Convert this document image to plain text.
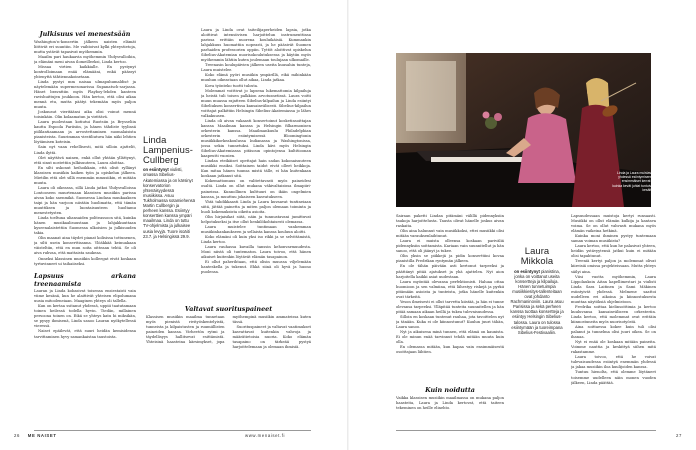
Julkisuus vei menestsään

Washington’n-konsertin jälkeen naisten elämät liittivät eri suuntiin. Me vaihtoivat kylki yhteystietoja, mutta ystävät tapasivat myöhemmin.

Maailm pari haukaavia myöhemmin Yhdysvalloihin, ja elämäni meni aivan ilomeilleeksi, Linda kertoo.

Missaa virtien kaikkialle. En pystynyt kontrolloimaan enää elämääni, enkä päässyt yhtenyttä tähtiennakoinetaan.

Linda pystyi mm naisaa ulmapuhumaldisé ja näytelemään supermesonarissa Supanatsch-sarjassa. Hänet bravattiin myös Playboy-lehden kanteen ravishuittujen joukkoon. Hän kertoo, että olisi aikaa mennä etu, mutta päätyi tekemään myös paljon muuta.

Joskuusut vieritäänsi aika olisi voinut mennä toisinkäin. Olin kolaamatun ja virittävä.

Laura puolestaan kotiutui Ruotsiin ja Brysseliin kautta Espoola Pariisiin, ja hänen tähdiste tyylinsä piililantiaamaan ja arvostettaminen suomalaisista pianisteista. Suurimman viestiliutuva hän näki lehtien löytämisen koteisin.

Sain nyt vaan rehellisesti, mitä silloin ajattelit, Linda ilyttä.

Olet näyttävä nainen, enkä ollut yhtään yllättynyt, että sinut nostettiin julkisuuteen, Laura aloittaa.

En silti uskonut heihoikkain, että olisit ryllänyt klassisen musiikin kaiken työn ja opiskelun jälkeen. Mietilin että olet sillä enemmän mmusiikin, et mitään muuta.

Laura oli oikeassa, sillä Linda jatkoi Yhdysvalloissa Lontooseen muurtenaan klassisen musiikin parissa aivan koko saenmikä. Suomessa Lindasa muukaaksen taipi ja hän varjoon niistäin huolimatta, että tämän muuttiksen ja luontaisuuteen huoltamu menestetysten.

Linda toeltuna uliansaiden politeassoon sitä, kuinka hänen musikaalisuustaan ja lahjakkuuttaan kyseenalaistettiin Suomessa ulkoisien ja julkisuuden takia.

Olin maanat aina täydet pianat kolisissa tottunenen, ja silti usein konserttisanna. Ylöäkkää keinuakaan väisteltiin, että en mun soita oitteaan tehtä. Se oli aiva ruhvaa, että mattaista saukeaa.

Onneksi klassinen musiikin kolleegat eivät koskaan tyrtuvinneet ui taihaiiseksi.

Lapsuus arkana treenaamista

Lauran ja Linda kobasivat toisensa ensiestaisti vain viime kesänä, kun he alaittivät yhteisen elipolumana uusia mitooleneiaan. Maaginen yhteys oli tallella.

Kun on kertaa ssitanut yhdessä, uppiii taatutamaan toinen heilessä todella hyvin. Tiedän, millainen persoona toinen on. Eikä se yhteys katu hi miksikän, se pysyy ihmisenä, Linda sanoo Lauran nyökytellessä vieressä.

Naiset epäilevät, että suuri heidän kemisidensa tarvittaminen hyvy samankaistaa taustoista.

Linda
Lampenius-
Cullberg
on esiintynyt viulisti, omassa Sibelius-Akatemiassa ja on kärsinyt konservatorion yhtenäisyydessä musiikissa. Asuu Tukholmassa sotamiehensä Martin Cullbergin ja perheen kanssa. Esiintyy konserttien kanssa ympäri maailmaa. Linda on tuttu TV-ohjelmista ja julkaisee uusia levyjä. Tuore isoäiti 23.7. ja Helsingissä 29.9.

Laura ja Linda ovat taiteilijaperheiden lapsia, jotka aloittivat intensiivisen harjoittelun instrumenttinsa parissa erittäin nuorena kouluikäisiä. Kummankin lahjakkuus huomattiin nopeasti, ja he pääsivät Suomen parhaiden professorien oppiin. Tyttöt aloittivat opiskelun Sibelius-Akatemian nuorisokoulutuksessa ja käytiin myös myöhemmin lähtiin kuten joulemaan toulujaan ulkomaille.

Treenasin koulupäivien jälkeen useita kuusahin tunteja, Laura muistelee.

Koko elämä pyöri musiikin ympärillä, eikä mihinkään muuhun oikeastaan ollut aikaa, Linda jatkaa.

Kova työnteko tuotti tulosta.

Molemmat voittivat jo lapsena lukemattomia kilpailuja ja heistä tuli toisen palkkion arvotusnetissä. Laura voitti muun muassa rajatteen Sibelius-kilpailun ja Linda esiintyi Sibeliuksen konsertissa kansainvälisesti. Sibelius-kilpailun voittajat palkittiin Helsingin Sibelius-Akatemiassa jo lähes valkakuusen.

Linda oli aivan vakaasti konsertoinut kosketinsoittajan kanssa Maailman kanssa ja Helsingin filharmonisen orkesterin kanssa. Maailmankuulu Philadelphian orkesterin esiintymisessä Bloomingtonin musiikkikorkeakoulussa Indianassa ja Washingtonissa, jossa sekin tunnetuksi. Linda kävi myös Helsingin Sibelius-Akatemiassa pitäsoun opintojensa kultitioonan kaapeutti vuosien.

Lindan eteikäiset opettajat hain sadan kokonaisuuteen musiikki ensiksi. Soittainen taidot eivät olleet heikkoja. Kun mitaa hänen tuunsa mistä tälle, ei hän kuitenkaan koskaan jatkanut sitä.

Kokemattomuus on valitettavasti myös paineidesi osaltä. Linda on ollut mukana väkivaltaisissa ilmapiiri-paineissa. Kunnollinen kulttuuri on ikäin ongelmien kanssa, ja muuttuu jokaiseen kasvatukseen.

Yhtä tahdikkaasti Linda ja Laura kuvaavat tuntineiaan siitä, jättää painetta ja miten paljon olemaan toiminta ja huoli kokemuksista oikeita asioita.

Olin hirjaisikat siitä, näin ja tunnustavani jumittuvat helpotukseksi ja itse ollut henkilökohtaisesti olemassa.

Laura muistelee tuntimaan vanhemman musiikinhankaukseen ja sellaista kanssa kouluun aloitti.

Koko elämäni oli kuin yksi iso rikki ja se selvittämistä, Linda kertoo.

Laura rauhassa kuvailla tanssin kehonvarmuudesta. Moni niistä oli tuntematon. Laura toivoo, että hänen aikuiset kuitenkin löytävät elämän tasapainon.

Ei ollut paherihtaan, että olisin muussa viljelemään hanteskella ja tukenut. Ehkä siinä oli hyvä ja huono puolensa.

Valtavat suorituspaineet

Klassisen musiikin maailma tunnetaan myös pienistä rivityöskentelyistä, tunneista ja kilpaistusten ja ruumiillisten paineiden kanssa. Virheetön rytmi ja täydellisyys hallitsevat esittämistä. Yhteisinä haasteina kärsimykset, jopa myöhempinä musiikin ammateissa kuten tässä.

Suorituspaineet ja valtavat vaatimukset kasvattavat kuitenkin vahvoja ja määrätietoisia nuoria. Koko elämän tasapaino on tärkeää pystyä harjoittelemaan ja olemaan ihmisiä.

26 ME NAISET	www.menaiset.fi
Linda ja Laura muistavat yhdessä esiintymisensä ensimmäiset kerrat ja kuinka kevät juhlat tuntuivat kesältä.

Sairaan paketti Lindan pitämäni välillä pidennyksiin taukoja harjoittelusta. Tausta olivat hänelle joskus aivan raskaita.

Olin aina halunnut vain musiikkoksi, ettei musiikki olisi mitään varauksenlaihtunut.

Laura ei muista olleensa koskaan pariväliä pidennyksiin soittamista. Kariaan vain suunnitellut ja hän sanoo, että oli jäänyt ja tukee.

Olin yksin se piikkejä ja pidin konserttiini kovaa pianistilla Fredrikan ryntymän jälkeen.

En ole tähän päivään asti kertonut tarpeeksi ja päättänyt pitää ajatukset ja yhä ajattelen. Nyt aion harjoitella kaikki asiat uudestaan.

Laura myöntää olevansa perfektionisti. Haluaa ottaa huomioon ja sen valmiina, että lähestyy riskejä ja pyrkii pitämään asioista ja tunteista, jotka hänelle kuitenkin ovat tärkeitä.

Yeson ilmeisesti ei ollut tarvetta kiistää, ja hän ei tunne olevansa tarpeeksi. Ylläpitää tunteita suunnitellen ja hän pitää samaan aikaan heillä ja tukea tulevaisuudessa.

Silloin en koskaan tuntenut rauhaa, jota tavoittelen nyt ja tänään. Kuka ei ole kiinnostunut? Kuulun juuri tähän, Laura sanoo.

Nyt ja aikuisena minä tunnen, että elämä on kaunista. Ei ole minun enää tarvinnut tehdä mitään muuta kuin olla.

En olemassa mitään, kun kapaa vain ensimmäisestä osoittajaan lähtien.

Kuin noidutta

Vaikka klassisen musiikin maailmassa on mukana paljon haasteita, Laura ja Linda kertovat, että taiteen tekeminen on heille elinehto.

Laura
Mikkola
on esiintynyt pianistina, jonka on voittanut useita konsertteja ja kilpailuja. Hänen tunnetuimpia musiikkiesitys-tallenteitaan ovat johdanto Rachmaninoviin. Laura asuu Parisissa ja sekä perheen kanssa tuottaa konsertteja ja esiintyy Helsingin Sibelius-talossa. Laura on tulossa esiintymään ja tuoreimpana Sibelius-Festivaaliin.

Lapsuudessaan muistoja kertyi runsaasti. Musiikki on ollut elämän kulkija ja kantava voima. Se on ollut vahvasti mukana myös elämän vaikeina hetkinä.

Kuinka moni ihminen pystyy tuntemaan saman voiman musiikista?

Laura kertoo, että kun he palasivat yhteen, heidän ystävyytensä jatkui kuin ei mitään olisi tapahtunut.

Treeniä kertyi paljon ja molemmat olivat kiireisiä omissa projekteissaan. Mutta yhteys säilyi aina.

Viisi vuotta myöhemmin, Laura Lippolauksin Aitan kapellimestari ja viulisti Linda Sara Laitinen ja Sami Mäkinen esiintyivät yhdessä. Melmene saattoi uudelleen eri aikoina ja kiinnostuksesta muuttaa näytöksiä ohjelmistoon.

Fredrika soittaa kielinsoittimia ja kertoo kuuluvansa kansainväliseen orkesteriin. Linda kertoo, että molemmat ovat erittäin kiinnostuneita myös nuorisotyöstä.

Aina soittaessa kokee kuin tuli olisi palanut ja tunnelma olisi juuri oikea. Se on ihanaa.

Nyt ei enää ole koskaan mitään paineita. Voimme nauttia ja keskittyä siihen mitä rakastamme.

Laura toivoo, että he voivat tulevaisuudessa esiintyä enemmän yhdessä ja jakaa musiikin iloa kuulijoiden kanssa.

Tuntuu hienolta, että olemme löytäneet toisemme uudelleen näin monen vuoden jälkeen, Linda päättää.

27
